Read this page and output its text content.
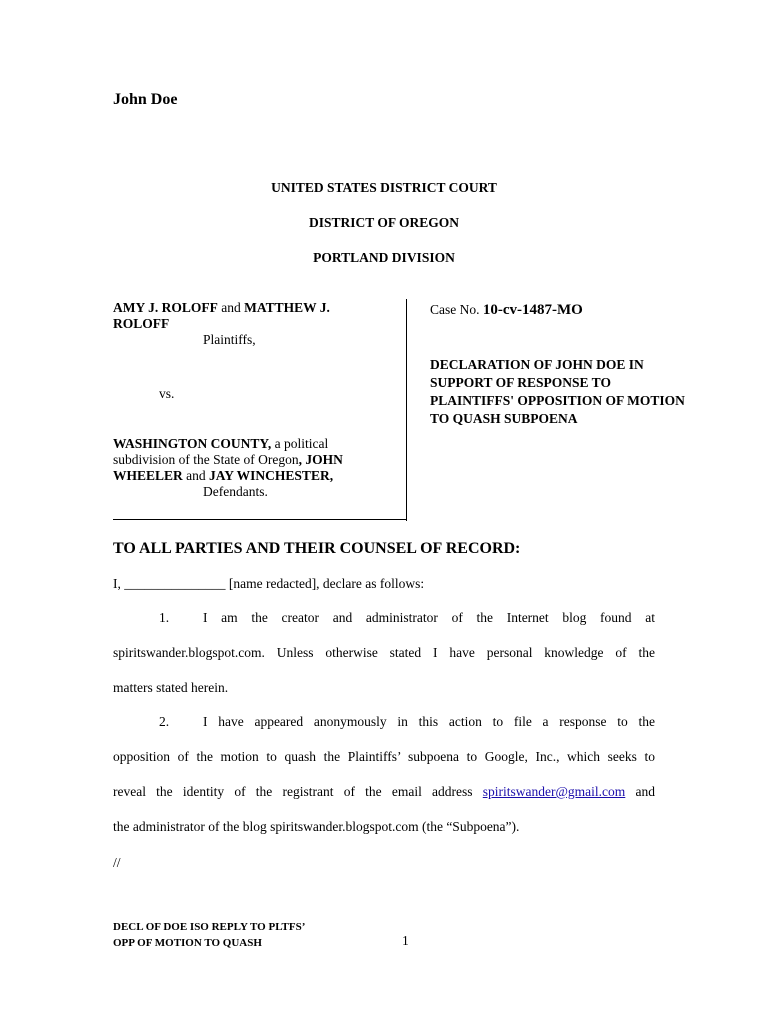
John Doe
UNITED STATES DISTRICT COURT
DISTRICT OF OREGON
PORTLAND DIVISION
AMY J. ROLOFF and MATTHEW J.
ROLOFF
Plaintiffs,
vs.
WASHINGTON COUNTY, a political
subdivision of the State of Oregon, JOHN
WHEELER and JAY WINCHESTER,
Defendants.
Case No. 10-cv-1487-MO
DECLARATION OF JOHN DOE IN SUPPORT OF RESPONSE TO PLAINTIFFS' OPPOSITION OF MOTION TO QUASH SUBPOENA
TO ALL PARTIES AND THEIR COUNSEL OF RECORD:
I, _______________ [name redacted], declare as follows:
1.	I am the creator and administrator of the Internet blog found at
spiritswander.blogspot.com. Unless otherwise stated I have personal knowledge of the
matters stated herein.
2.	I have appeared anonymously in this action to file a response to the
opposition of the motion to quash the Plaintiffs’ subpoena to Google, Inc., which seeks to
reveal the identity of the registrant of the email address spiritswander@gmail.com and
the administrator of the blog spiritswander.blogspot.com (the “Subpoena”).
//
DECL OF DOE ISO REPLY TO PLTFS’
OPP OF MOTION TO QUASH	1
